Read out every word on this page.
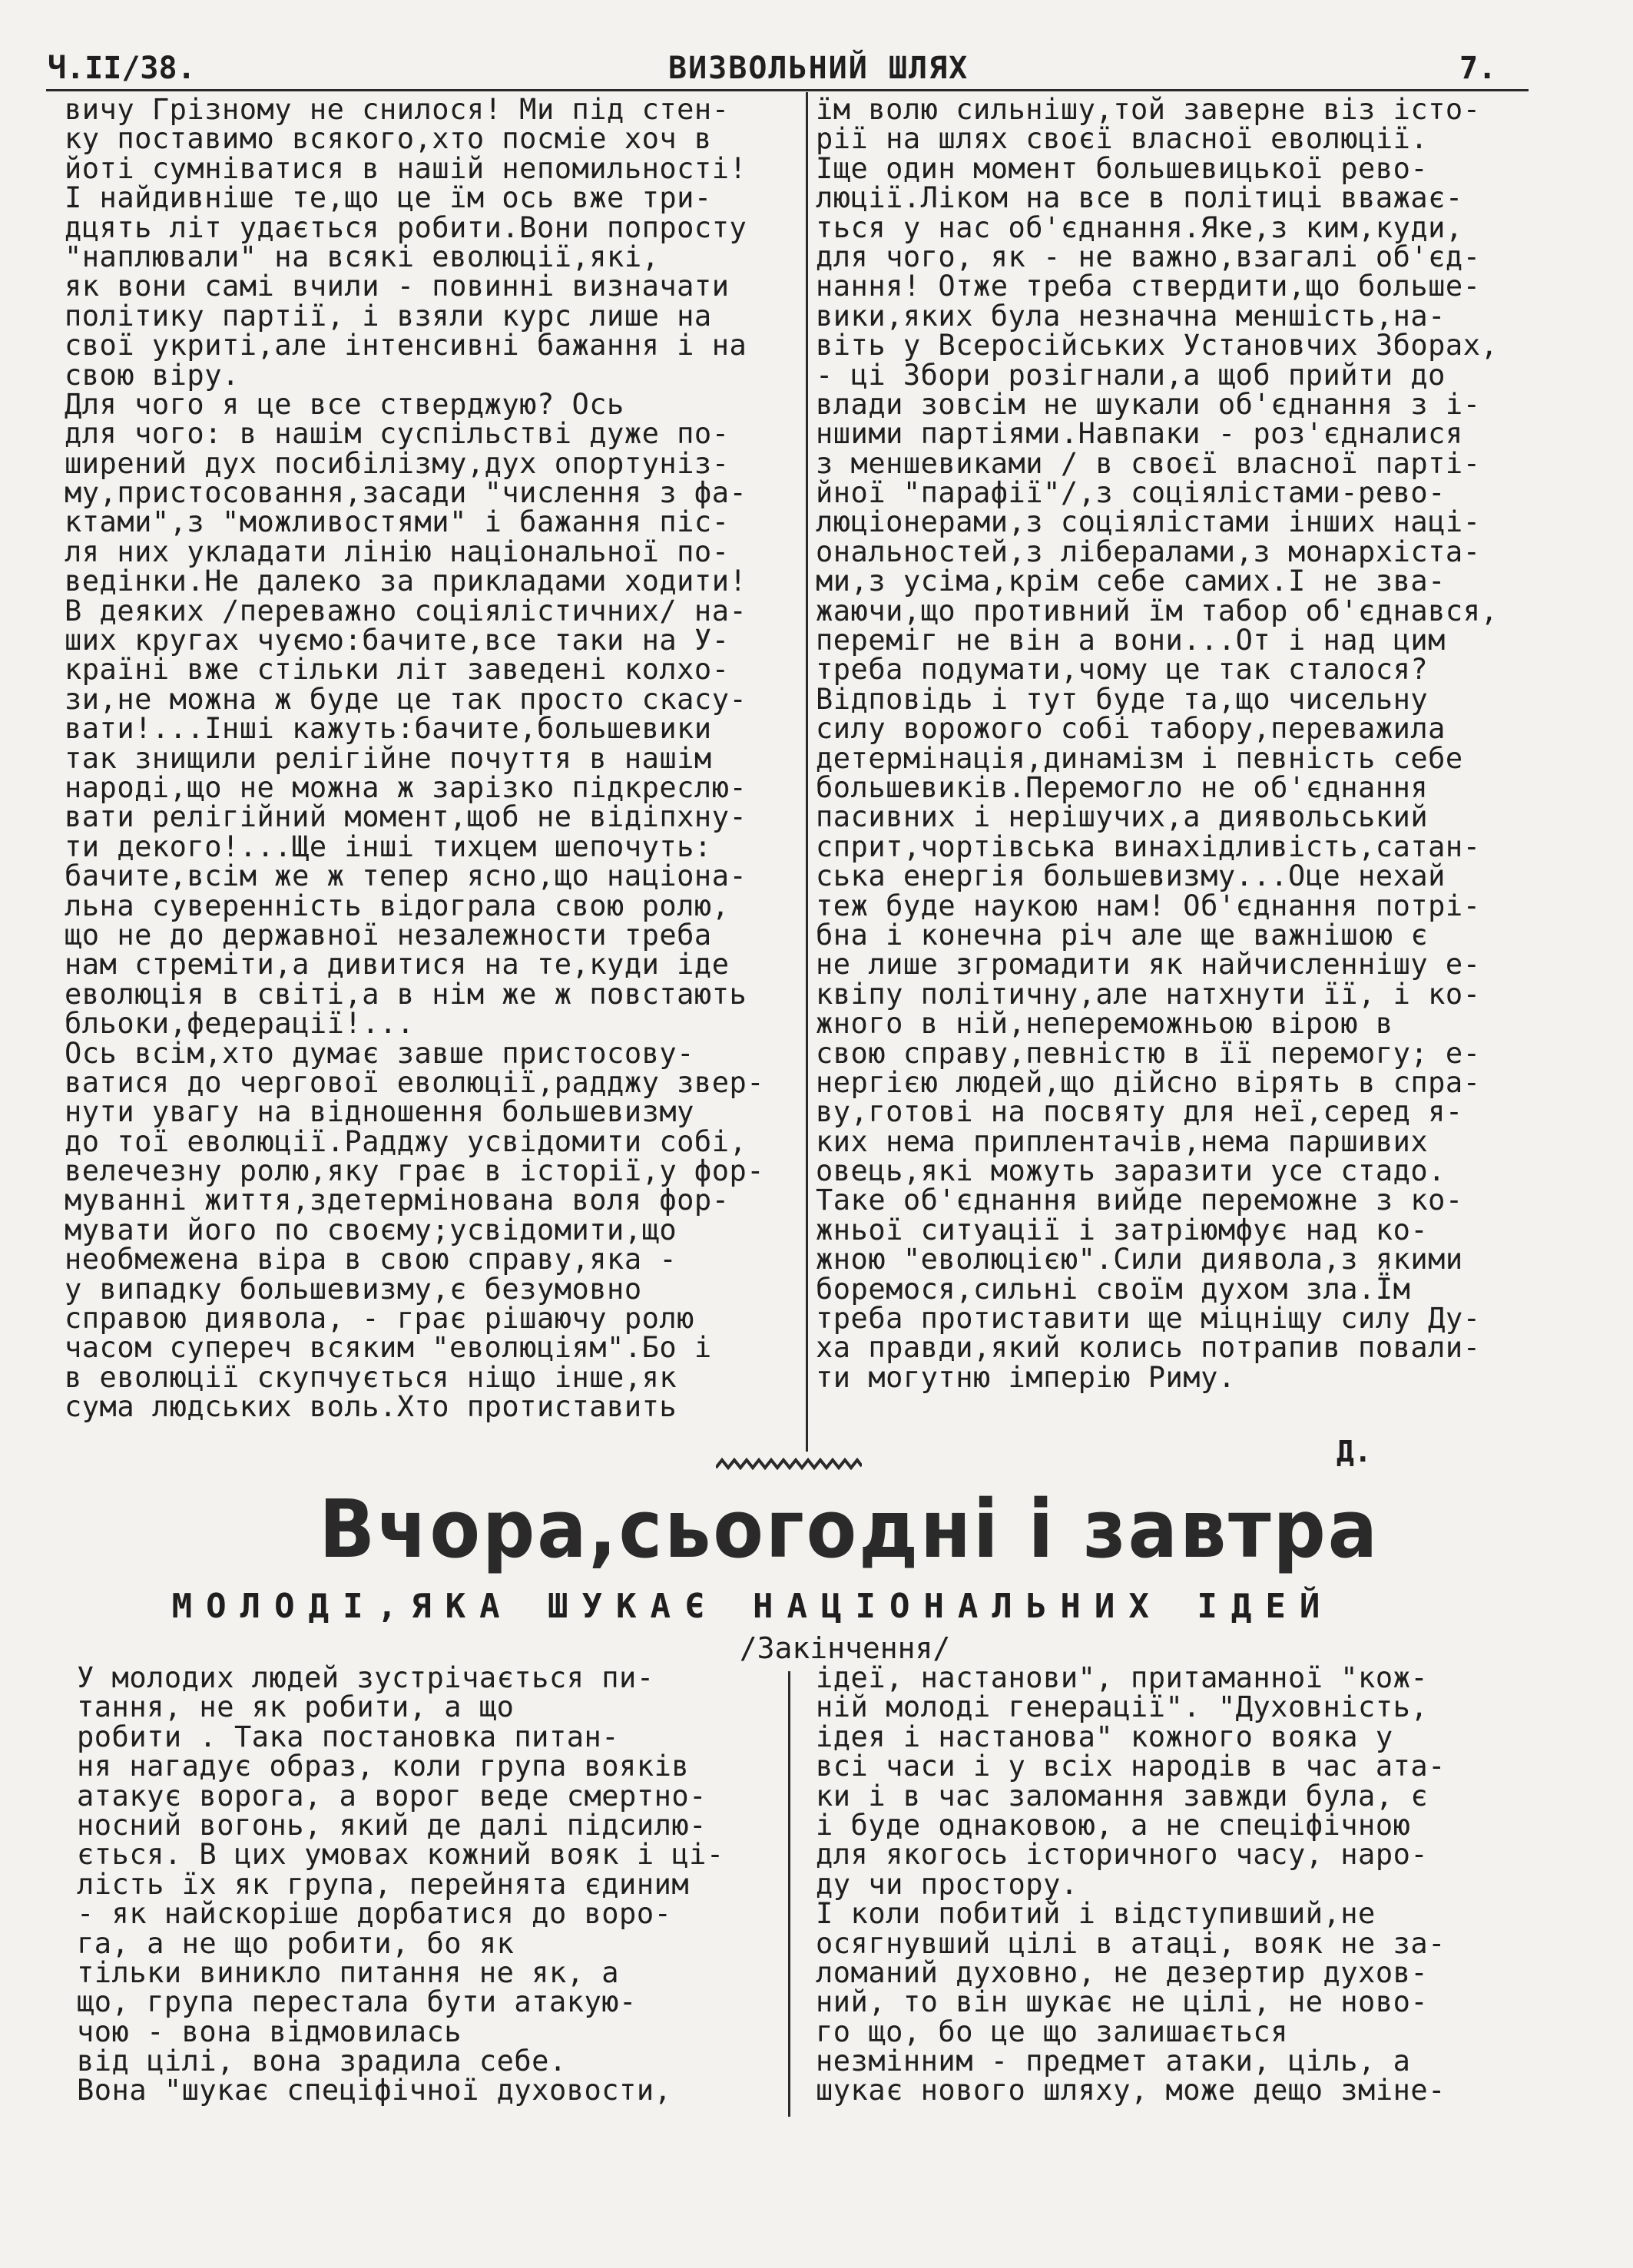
Ч.II/38.	ВИЗВОЛЬНИЙ ШЛЯХ	7.
вичу Грізному не снилося! Ми під стен-
ку поставимо всякого,хто посміе хоч в
йоті сумніватися в нашій непомильності!
І найдивніше те,що це їм ось вже три-
дцять літ удається робити.Вони попросту
"наплювали" на всякі еволюції,які,
як вони самі вчили - повинні визначати
політику партії, і взяли курс лише на
свої укриті,але інтенсивні бажання і на
свою віру.
Для чого я це все стверджую? Ось
для чого: в нашім суспільстві дуже по-
ширений дух посибілізму,дух опортуніз-
му,пристосовання,засади "числення з фа-
ктами",з "можливостями" і бажання піс-
ля них укладати лінію національної по-
ведінки.Не далеко за прикладами ходити!
В деяких /переважно соціялістичних/ на-
ших кругах чуємо:бачите,все таки на У-
країні вже стільки літ заведені колхо-
зи,не можна ж буде це так просто скасу-
вати!...Інші кажуть:бачите,большевики
так знищили релігійне почуття в нашім
народі,що не можна ж зарізко підкреслю-
вати релігійний момент,щоб не відіпхну-
ти декого!...Ще інші тихцем шепочуть:
бачите,всім же ж тепер ясно,що націона-
льна суверенність відограла свою ролю,
що не до державної незалежности треба
нам стреміти,а дивитися на те,куди іде
еволюція в світі,а в нім же ж повстають
бльоки,федерації!...
Ось всім,хто думає завше пристосову-
ватися до чергової еволюції,радджу звер-
нути увагу на відношення большевизму
до тої еволюції.Радджу усвідомити собі,
велечезну ролю,яку грає в історії,у фор-
муванні життя,здетермінована воля фор-
мувати його по своєму;усвідомити,що
необмежена віра в свою справу,яка -
у випадку большевизму,є безумовно
справою диявола, - грає рішаючу ролю
часом супереч всяким "еволюціям".Бо і
в еволюції скупчується ніщо інше,як
сума людських воль.Хто протиставить
їм волю сильнішу,той заверне віз істо-
рії на шлях своєї власної еволюції.
Іще один момент большевицької рево-
люції.Ліком на все в політиці вважає-
ться у нас об'єднання.Яке,з ким,куди,
для чого, як - не важно,взагалі об'єд-
нання! Отже треба ствердити,що больше-
вики,яких була незначна меншість,на-
віть у Всеросійських Установчих Зборах,
- ці Збори розігнали,а щоб прийти до
влади зовсім не шукали об'єднання з і-
ншими партіями.Навпаки - роз'єдналися
з меншевиками / в своєї власної парті-
йної "парафії"/,з соціялістами-рево-
люціонерами,з соціялістами інших наці-
ональностей,з лібералами,з монархіста-
ми,з усіма,крім себе самих.І не зва-
жаючи,що противний їм табор об'єднався,
переміг не він а вони...От і над цим
треба подумати,чому це так сталося?
Відповідь і тут буде та,що чисельну
силу ворожого собі табору,переважила
детермінація,динамізм і певність себе
большевиків.Перемогло не об'єднання
пасивних і нерішучих,а диявольський
сприт,чортівська винахідливість,сатан-
ська енергія большевизму...Оце нехай
теж буде наукою нам! Об'єднання потрі-
бна і конечна річ але ще важнішою є
не лише згромадити як найчисленнішу е-
квіпу політичну,але натхнути її, і ко-
жного в ній,непереможньою вірою в
свою справу,певністю в її перемогу; е-
нергією людей,що дійсно вірять в спра-
ву,готові на посвяту для неї,серед я-
ких нема приплентачів,нема паршивих
овець,які можуть заразити усе стадо.
Таке об'єднання вийде переможне з ко-
жньої ситуації і затріюмфує над ко-
жною "еволюцією".Сили диявола,з якими
боремося,сильні своїм духом зла.Їм
треба протиставити ще міцніщу силу Ду-
ха правди,який колись потрапив повали-
ти могутню імперію Риму.
Д.
Вчора,сьогодні і завтра
МОЛОДІ,ЯКА ШУКАЄ НАЦІОНАЛЬНИХ ІДЕЙ
/Закінчення/
У молодих людей зустрічається пи-
тання, не як робити, а що
робити . Така постановка питан-
ня нагадує образ, коли група вояків
атакує ворога, а ворог веде смертно-
носний вогонь, який де далі підсилю-
ється. В цих умовах кожний вояк і ці-
лість їх як група, перейнята єдиним
- як найскоріше дорбатися до воро-
га, а не що робити, бо як
тільки виникло питання не як, а
що, група перестала бути атакую-
чою - вона відмовилась
від цілі, вона зрадила себе.
Вона "шукає спеціфічної духовости,
ідеї, настанови", притаманної "кож-
ній молоді генерації". "Духовність,
ідея і настанова" кожного вояка у
всі часи і у всіх народів в час ата-
ки і в час заломання завжди була, є
і буде однаковою, а не спеціфічною
для якогось історичного часу, наро-
ду чи простору.
І коли побитий і відступивший,не
осягнувший цілі в атаці, вояк не за-
ломаний духовно, не дезертир духов-
ний, то він шукає не цілі, не ново-
го що, бо це що залишається
незмінним - предмет атаки, ціль, а
шукає нового шляху, може дещо зміне-
